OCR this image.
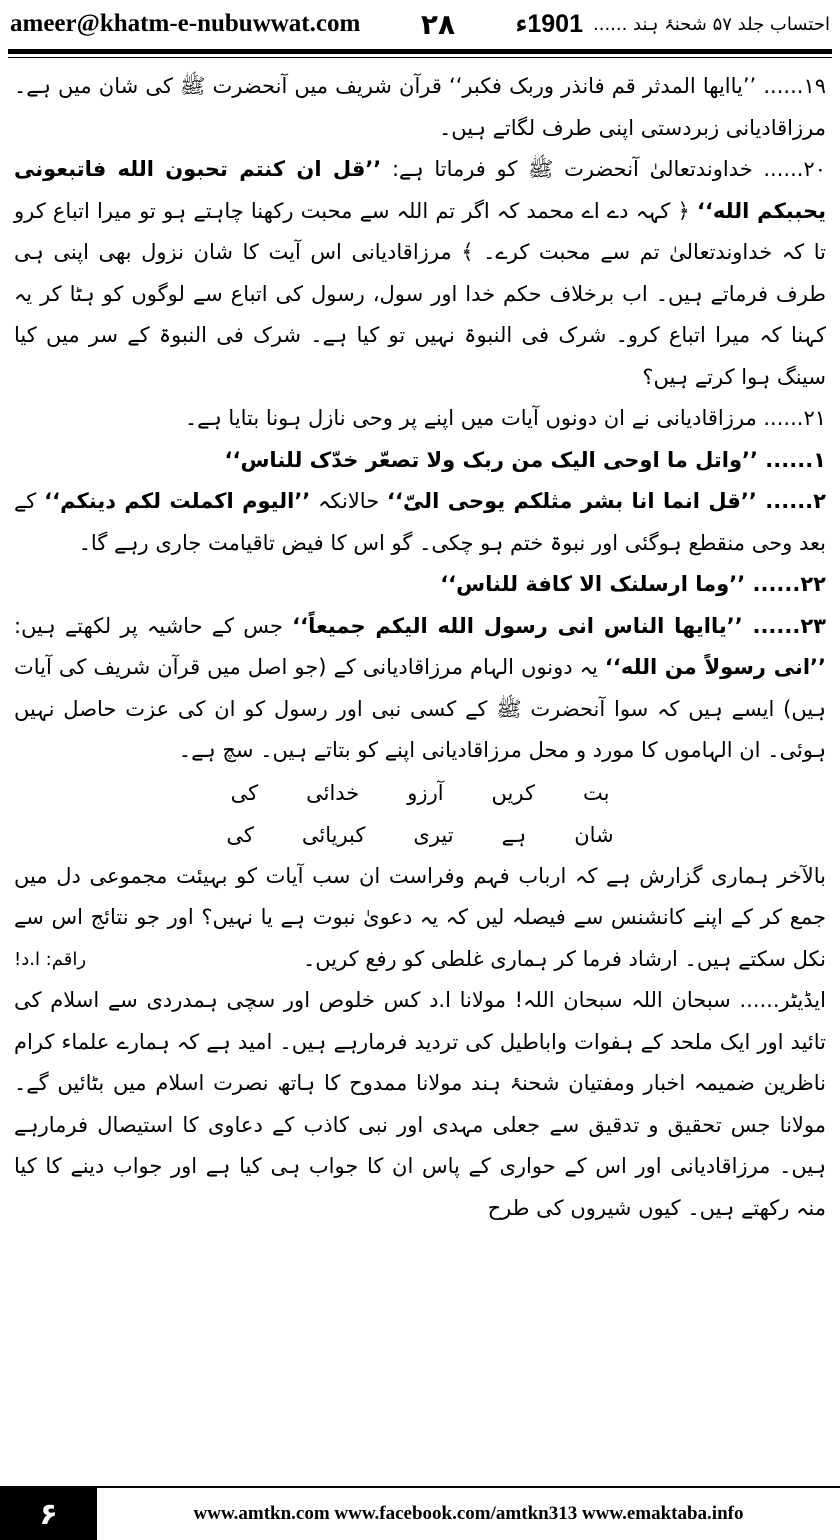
ameer@khatm-e-nubuwwat.com ۲۸	احتساب جلد ۵۷ شحنۂ ہند ......
1901ء

۱۹...... ’’یاایھا المدثر قم فانذر وربک فکبر‘‘ قرآن شریف میں آنحضرت ﷺ کی شان میں ہے۔ مرزاقادیانی زبردستی اپنی طرف لگاتے ہیں۔

۲۰...... خداوندتعالیٰ آنحضرت ﷺ کو فرماتا ہے: ’’قل ان کنتم تحبون الله فاتبعونی یحببکم الله‘‘ ﴿ کہہ دے اے محمد کہ اگر تم اللہ سے محبت رکھنا چاہتے ہو تو میرا اتباع کرو تا کہ خداوندتعالیٰ تم سے محبت کرے۔ ﴾ مرزاقادیانی اس آیت کا شان نزول بھی اپنی ہی طرف فرماتے ہیں۔ اب برخلاف حکم خدا اور سول، رسول کی اتباع سے لوگوں کو ہٹا کر یہ کہنا کہ میرا اتباع کرو۔ شرک فی النبوۃ نہیں تو کیا ہے۔ شرک فی النبوۃ کے سر میں کیا سینگ ہوا کرتے ہیں؟

۲۱...... مرزاقادیانی نے ان دونوں آیات میں اپنے پر وحی نازل ہونا بتایا ہے۔

۱...... ’’واتل ما اوحی الیک من ربک ولا تصعّر خدّک للناس‘‘

۲...... ’’قل انما انا بشر مثلکم یوحی الیّ‘‘ حالانکہ ’’الیوم اکملت لکم دینکم‘‘ کے بعد وحی منقطع ہوگئی اور نبوۃ ختم ہو چکی۔ گو اس کا فیض تاقیامت جاری رہے گا۔

۲۲...... ’’وما ارسلنک الا کافة للناس‘‘

۲۳...... ’’یاایھا الناس انی رسول الله الیکم جمیعاً‘‘ جس کے حاشیہ پر لکھتے ہیں: ’’انی رسولاً من الله‘‘ یہ دونوں الہام مرزاقادیانی کے (جو اصل میں قرآن شریف کی آیات ہیں) ایسے ہیں کہ سوا آنحضرت ﷺ کے کسی نبی اور رسول کو ان کی عزت حاصل نہیں ہوئی۔ ان الہاموں کا مورد و محل مرزاقادیانی اپنے کو بتاتے ہیں۔ سچ ہے۔

بت
کریں
آرزو
خدائی
کی
شان
ہے
تیری
کبریائی
کی

بالآخر ہماری گزارش ہے کہ ارباب فہم وفراست ان سب آیات کو بہیئت مجموعی دل میں جمع کر کے اپنے کانشنس سے فیصلہ لیں کہ یہ دعویٰ نبوت ہے یا نہیں؟ اور جو نتائج اس سے نکل سکتے ہیں۔ ارشاد فرما کر ہماری غلطی کو رفع کریں۔
راقم: ا.د!

ایڈیٹر...... سبحان اللہ سبحان اللہ! مولانا ا.د کس خلوص اور سچی ہمدردی سے اسلام کی تائید اور ایک ملحد کے ہفوات واباطیل کی تردید فرمارہے ہیں۔ امید ہے کہ ہمارے علماء کرام ناظرین ضمیمہ اخبار ومفتیان شحنۂ ہند مولانا ممدوح کا ہاتھ نصرت اسلام میں بٹائیں گے۔ مولانا جس تحقیق و تدقیق سے جعلی مہدی اور نبی کاذب کے دعاوی کا استیصال فرمارہے ہیں۔ مرزاقادیانی اور اس کے حواری کے پاس ان کا جواب ہی کیا ہے اور جواب دینے کا کیا منہ رکھتے ہیں۔ کیوں شیروں کی طرح

۶	www.amtkn.com www.facebook.com/amtkn313 www.emaktaba.info
